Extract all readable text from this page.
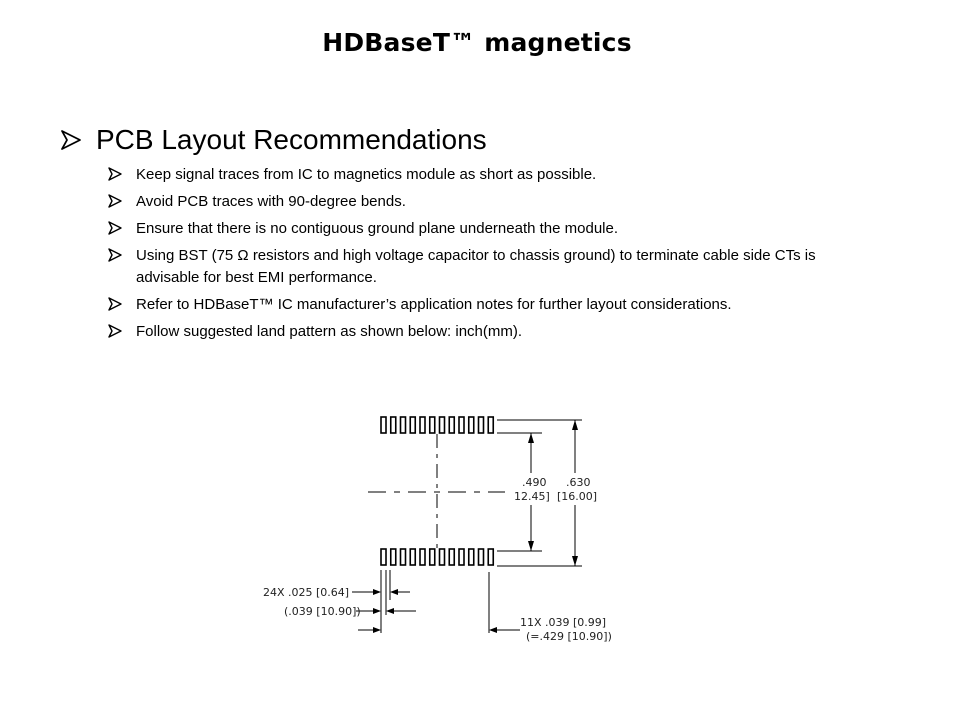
HDBaseT™ magnetics
PCB Layout Recommendations
Keep signal traces from IC to magnetics module as short as possible.
Avoid PCB traces with 90-degree bends.
Ensure that there is no contiguous ground plane underneath the module.
Using BST (75 Ω resistors and high voltage capacitor to chassis ground) to terminate cable side CTs is advisable for best EMI performance.
Refer to HDBaseT™ IC manufacturer’s application notes for further layout considerations.
Follow suggested land pattern as shown below: inch(mm).
.490
12.45]
.630
[16.00]
24X .025 [0.64]
(.039 [10.90])
11X .039 [0.99]
(=.429 [10.90])
